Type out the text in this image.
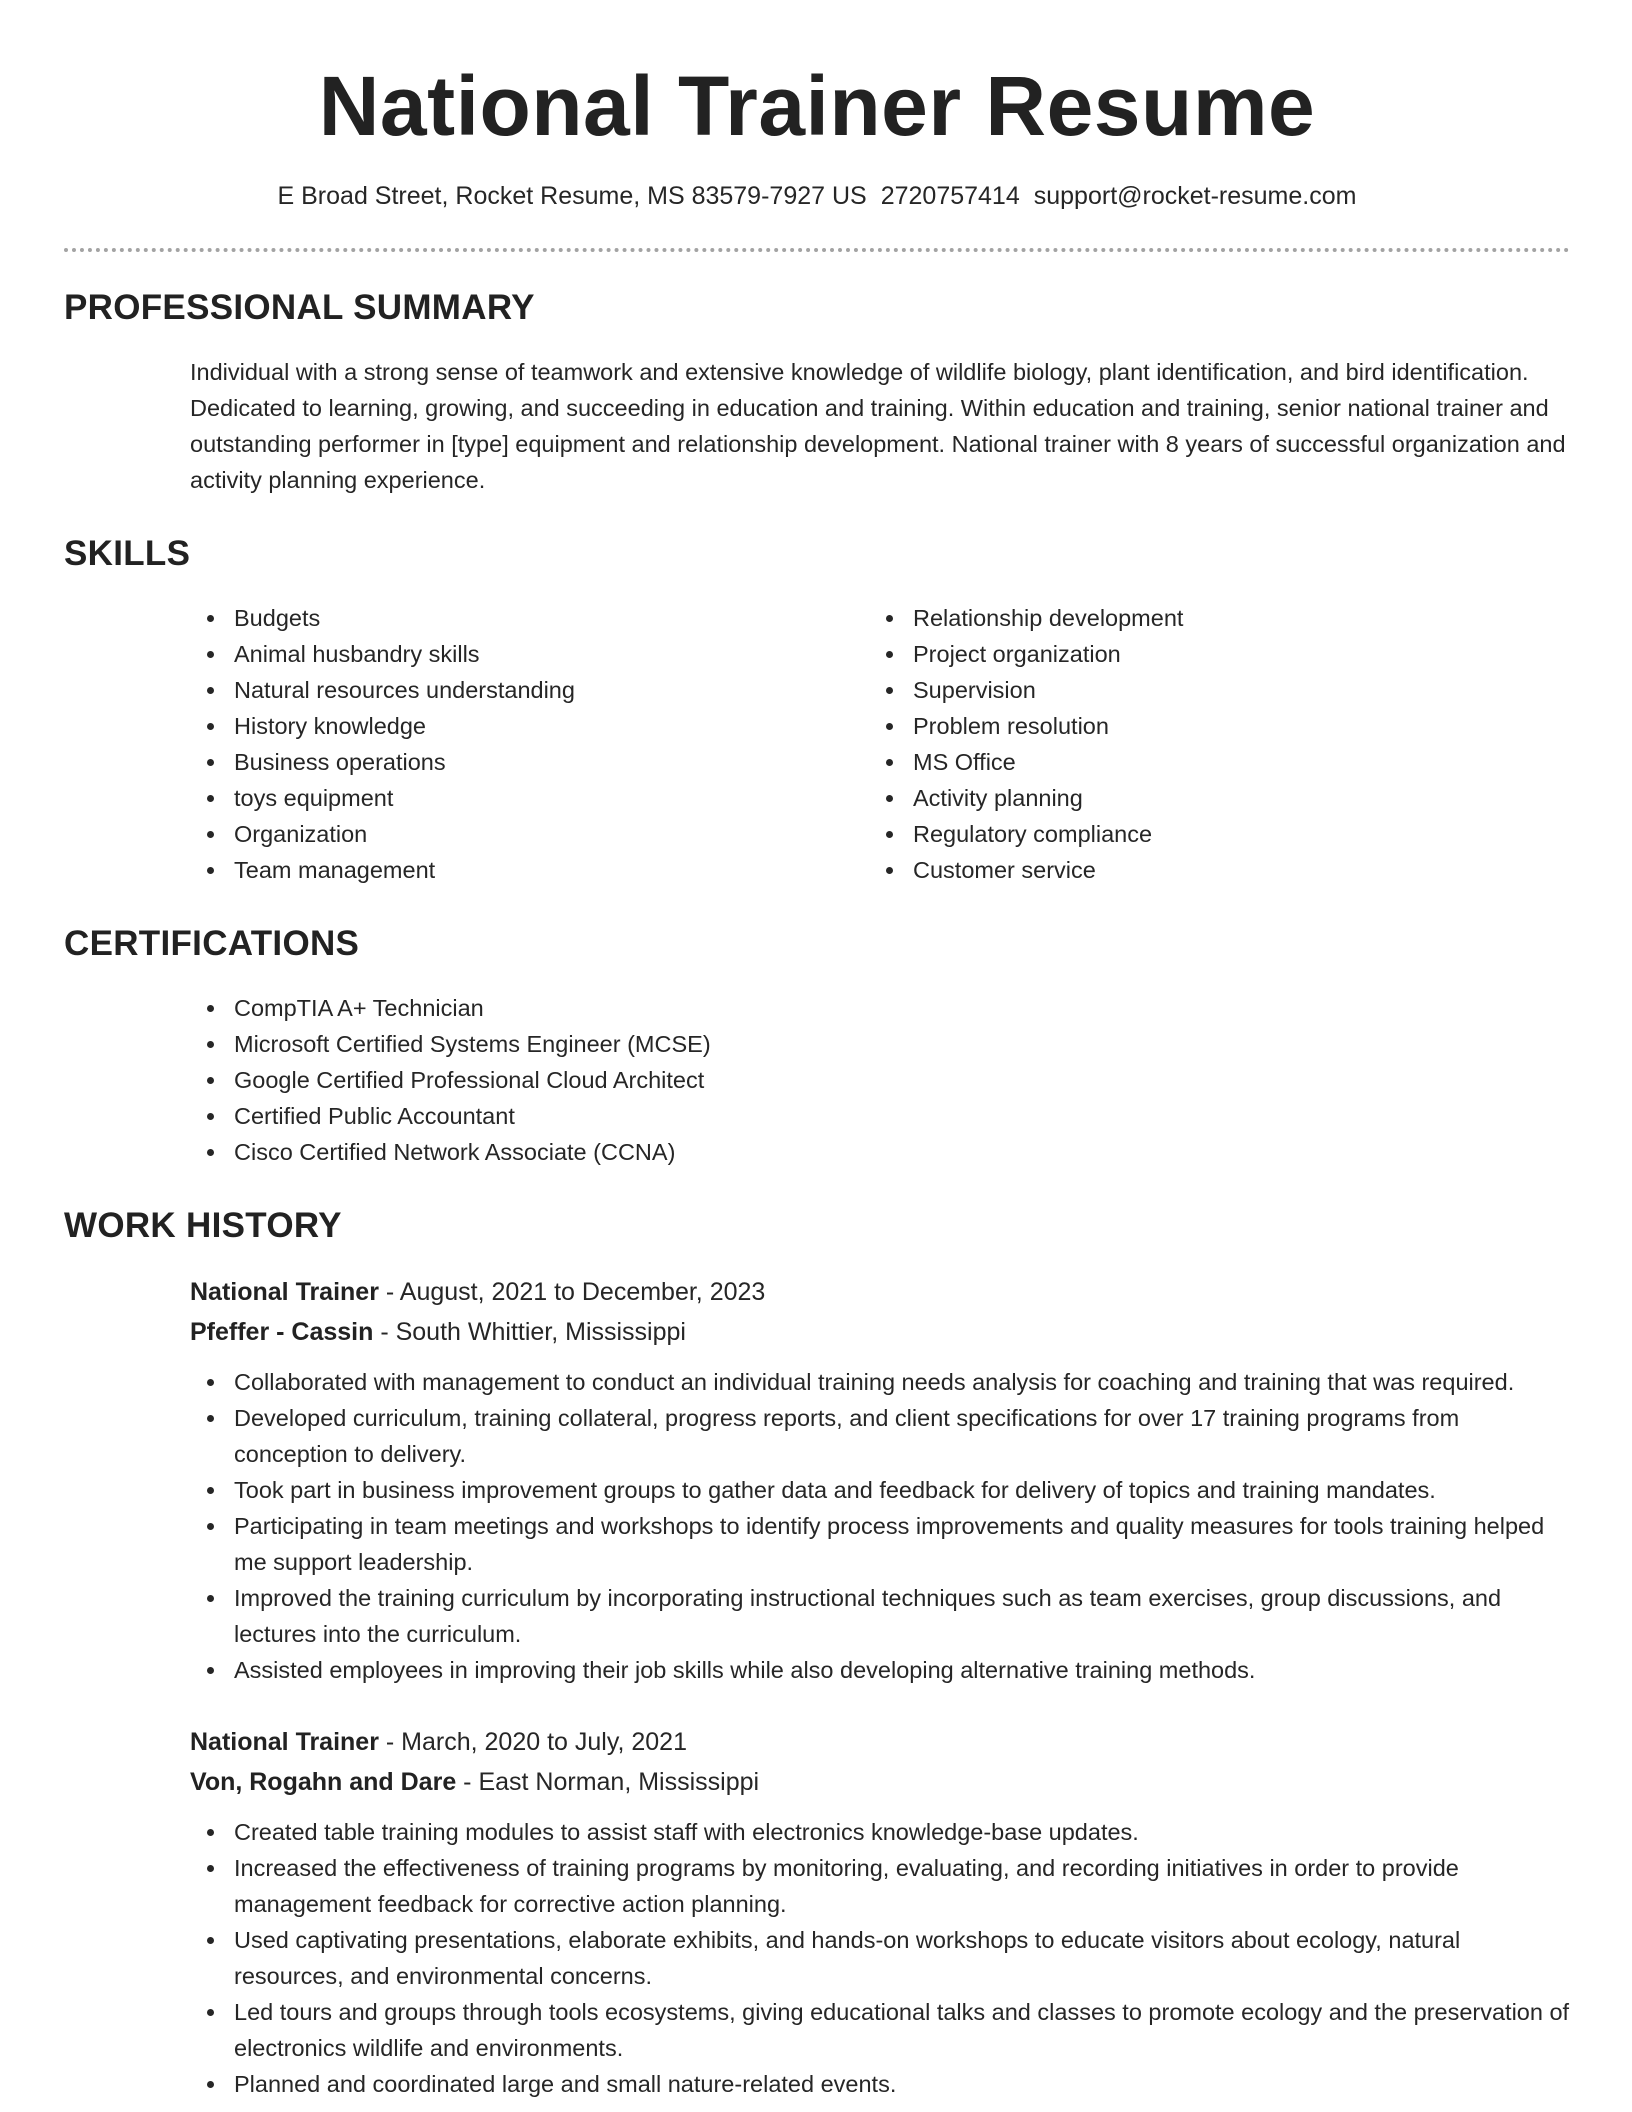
National Trainer Resume
E Broad Street, Rocket Resume, MS 83579-7927 US 2720757414 support@rocket-resume.com
PROFESSIONAL SUMMARY

Individual with a strong sense of teamwork and extensive knowledge of wildlife biology, plant identification, and bird identification. Dedicated to learning, growing, and succeeding in education and training. Within education and training, senior national trainer and outstanding performer in [type] equipment and relationship development. National trainer with 8 years of successful organization and activity planning experience.

SKILLS
Budgets
Animal husbandry skills
Natural resources understanding
History knowledge
Business operations
toys equipment
Organization
Team management
Relationship development
Project organization
Supervision
Problem resolution
MS Office
Activity planning
Regulatory compliance
Customer service
CERTIFICATIONS
CompTIA A+ Technician
Microsoft Certified Systems Engineer (MCSE)
Google Certified Professional Cloud Architect
Certified Public Accountant
Cisco Certified Network Associate (CCNA)
WORK HISTORY
National Trainer - August, 2021 to December, 2023
Pfeffer - Cassin - South Whittier, Mississippi
Collaborated with management to conduct an individual training needs analysis for coaching and training that was required.
Developed curriculum, training collateral, progress reports, and client specifications for over 17 training programs from conception to delivery.
Took part in business improvement groups to gather data and feedback for delivery of topics and training mandates.
Participating in team meetings and workshops to identify process improvements and quality measures for tools training helped me support leadership.
Improved the training curriculum by incorporating instructional techniques such as team exercises, group discussions, and lectures into the curriculum.
Assisted employees in improving their job skills while also developing alternative training methods.
National Trainer - March, 2020 to July, 2021
Von, Rogahn and Dare - East Norman, Mississippi
Created table training modules to assist staff with electronics knowledge-base updates.
Increased the effectiveness of training programs by monitoring, evaluating, and recording initiatives in order to provide management feedback for corrective action planning.
Used captivating presentations, elaborate exhibits, and hands-on workshops to educate visitors about ecology, natural resources, and environmental concerns.
Led tours and groups through tools ecosystems, giving educational talks and classes to promote ecology and the preservation of electronics wildlife and environments.
Planned and coordinated large and small nature-related events.
